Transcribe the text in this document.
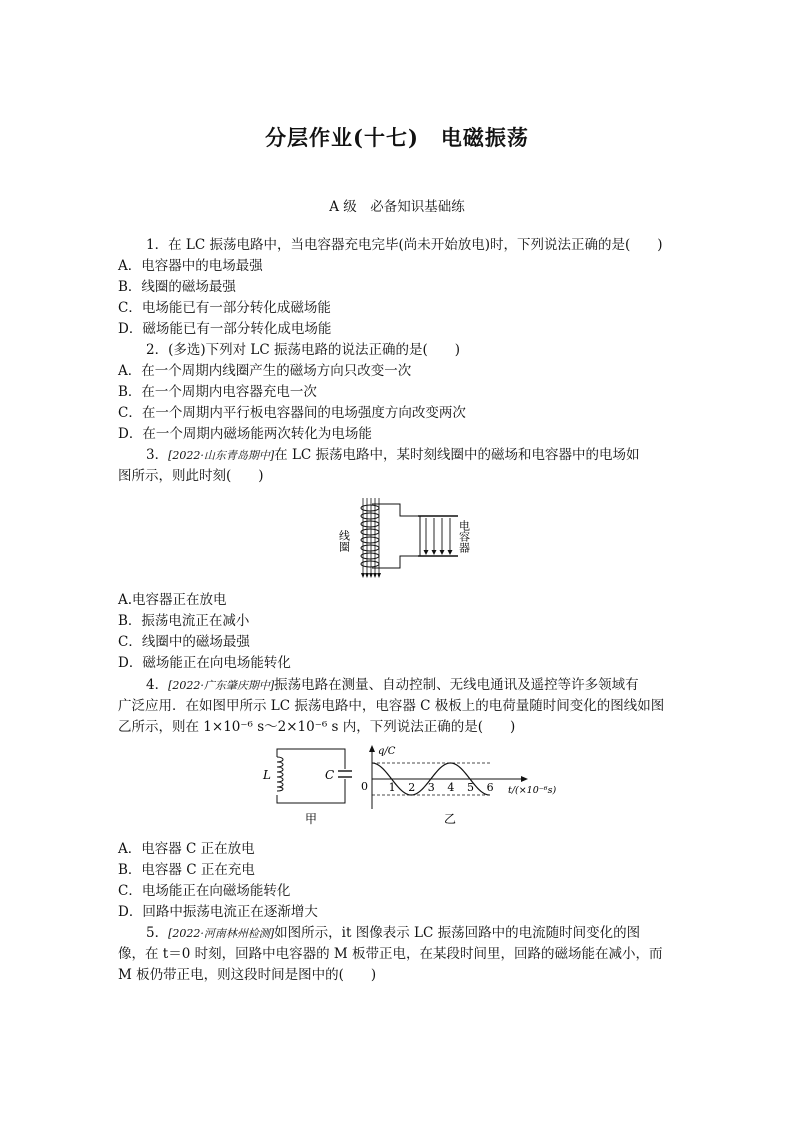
分层作业(十七)　电磁振荡
A 级　必备知识基础练
1．在 LC 振荡电路中，当电容器充电完毕(尚未开始放电)时，下列说法正确的是(　　)
A．电容器中的电场最强
B．线圈的磁场最强
C．电场能已有一部分转化成磁场能
D．磁场能已有一部分转化成电场能
2．(多选)下列对 LC 振荡电路的说法正确的是(　　)
A．在一个周期内线圈产生的磁场方向只改变一次
B．在一个周期内电容器充电一次
C．在一个周期内平行板电容器间的电场强度方向改变两次
D．在一个周期内磁场能两次转化为电场能
3．[2022·山东青岛期中]在 LC 振荡电路中，某时刻线圈中的磁场和电容器中的电场如
图所示，则此时刻(　　)
线圈	电容器
A.电容器正在放电
B．振荡电流正在减小
C．线圈中的磁场最强
D．磁场能正在向电场能转化
4．[2022·广东肇庆期中]振荡电路在测量、自动控制、无线电通讯及遥控等许多领域有
广泛应用．在如图甲所示 LC 振荡电路中，电容器 C 极板上的电荷量随时间变化的图线如图
乙所示，则在 1×10⁻⁶ s～2×10⁻⁶ s 内，下列说法正确的是(　　)
L	C
甲
1 2 3 4 5 6
0
q/C
t/(×10⁻⁶s)
乙
A．电容器 C 正在放电
B．电容器 C 正在充电
C．电场能正在向磁场能转化
D．回路中振荡电流正在逐渐增大
5．[2022·河南林州检测]如图所示，it 图像表示 LC 振荡回路中的电流随时间变化的图
像，在 t＝0 时刻，回路中电容器的 M 板带正电，在某段时间里，回路的磁场能在减小，而
M 板仍带正电，则这段时间是图中的(　　)
